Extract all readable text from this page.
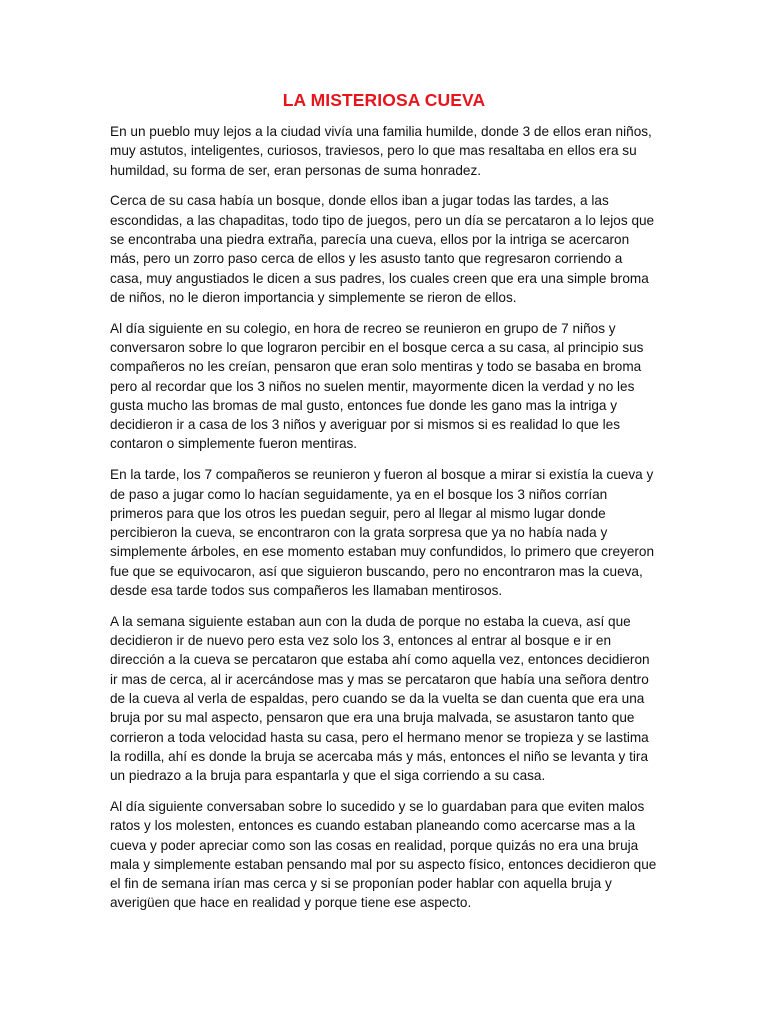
LA MISTERIOSA CUEVA

En un pueblo muy lejos a la ciudad vivía una familia humilde, donde 3 de ellos eran niños, muy astutos, inteligentes, curiosos, traviesos, pero lo que mas resaltaba en ellos era su humildad, su forma de ser, eran personas de suma honradez.

Cerca de su casa había un bosque, donde ellos iban a jugar todas las tardes, a las escondidas, a las chapaditas, todo tipo de juegos, pero un día se percataron a lo lejos que se encontraba una piedra extraña, parecía una cueva, ellos por la intriga se acercaron más, pero un zorro paso cerca de ellos y les asusto tanto que regresaron corriendo a casa, muy angustiados le dicen a sus padres, los cuales creen que era una simple broma de niños, no le dieron importancia y simplemente se rieron de ellos.

Al día siguiente en su colegio, en hora de recreo se reunieron en grupo de 7 niños y conversaron sobre lo que lograron percibir en el bosque cerca a su casa, al principio sus compañeros no les creían, pensaron que eran solo mentiras y todo se basaba en broma pero al recordar que los 3 niños no suelen mentir, mayormente dicen la verdad y no les gusta mucho las bromas de mal gusto, entonces fue donde les gano mas la intriga y decidieron ir a casa de los 3 niños y averiguar por si mismos si es realidad lo que les contaron o simplemente fueron mentiras.

En la tarde, los 7 compañeros se reunieron y fueron al bosque a mirar si existía la cueva y de paso a jugar como lo hacían seguidamente, ya en el bosque los 3 niños corrían primeros para que los otros les puedan seguir, pero al llegar al mismo lugar donde percibieron la cueva, se encontraron con la grata sorpresa que ya no había nada y simplemente árboles, en ese momento estaban muy confundidos, lo primero que creyeron fue que se equivocaron, así que siguieron buscando, pero no encontraron mas la cueva, desde esa tarde todos sus compañeros les llamaban mentirosos.

A la semana siguiente estaban aun con la duda de porque no estaba la cueva, así que decidieron ir de nuevo pero esta vez solo los 3, entonces al entrar al bosque e ir en dirección a la cueva se percataron que estaba ahí como aquella vez, entonces decidieron ir mas de cerca, al ir acercándose mas y mas se percataron que había una señora dentro de la cueva al verla de espaldas, pero cuando se da la vuelta se dan cuenta que era una bruja por su mal aspecto, pensaron que era una bruja malvada, se asustaron tanto que corrieron a toda velocidad hasta su casa, pero el hermano menor se tropieza y se lastima la rodilla, ahí es donde la bruja se acercaba más y más, entonces el niño se levanta y tira un piedrazo a la bruja para espantarla y que el siga corriendo a su casa.

Al día siguiente conversaban sobre lo sucedido y se lo guardaban para que eviten malos ratos y los molesten, entonces es cuando estaban planeando como acercarse mas a la cueva y poder apreciar como son las cosas en realidad, porque quizás no era una bruja mala y simplemente estaban pensando mal por su aspecto físico, entonces decidieron que el fin de semana irían mas cerca y si se proponían poder hablar con aquella bruja y averigüen que hace en realidad y porque tiene ese aspecto.
